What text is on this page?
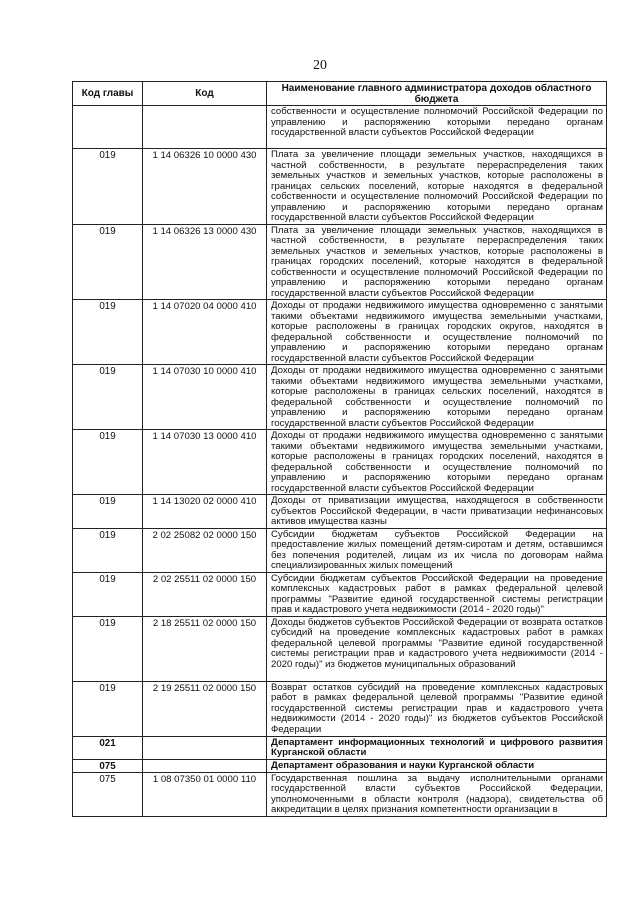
20
Код главы	Код	Наименование главного администратора доходов областного бюджета
		собственности и осуществление полномочий Российской Федерации по управлению и распоряжению которыми передано органам государственной власти субъектов Российской Федерации
019	1 14 06326 10 0000 430	Плата за увеличение площади земельных участков, находящихся в частной собственности, в результате перераспределения таких земельных участков и земельных участков, которые расположены в границах сельских поселений, которые находятся в федеральной собственности и осуществление полномочий Российской Федерации по управлению и распоряжению которыми передано органам государственной власти субъектов Российской Федерации
019	1 14 06326 13 0000 430	Плата за увеличение площади земельных участков, находящихся в частной собственности, в результате перераспределения таких земельных участков и земельных участков, которые расположены в границах городских поселений, которые находятся в федеральной собственности и осуществление полномочий Российской Федерации по управлению и распоряжению которыми передано органам государственной власти субъектов Российской Федерации
019	1 14 07020 04 0000 410	Доходы от продажи недвижимого имущества одновременно с занятыми такими объектами недвижимого имущества земельными участками, которые расположены в границах городских округов, находятся в федеральной собственности и осуществление полномочий по управлению и распоряжению которыми передано органам государственной власти субъектов Российской Федерации
019	1 14 07030 10 0000 410	Доходы от продажи недвижимого имущества одновременно с занятыми такими объектами недвижимого имущества земельными участками, которые расположены в границах сельских поселений, находятся в федеральной собственности и осуществление полномочий по управлению и распоряжению которыми передано органам государственной власти субъектов Российской Федерации
019	1 14 07030 13 0000 410	Доходы от продажи недвижимого имущества одновременно с занятыми такими объектами недвижимого имущества земельными участками, которые расположены в границах городских поселений, находятся в федеральной собственности и осуществление полномочий по управлению и распоряжению которыми передано органам государственной власти субъектов Российской Федерации
019	1 14 13020 02 0000 410	Доходы от приватизации имущества, находящегося в собственности субъектов Российской Федерации, в части приватизации нефинансовых активов имущества казны
019	2 02 25082 02 0000 150	Субсидии бюджетам субъектов Российской Федерации на предоставление жилых помещений детям-сиротам и детям, оставшимся без попечения родителей, лицам из их числа по договорам найма специализированных жилых помещений
019	2 02 25511 02 0000 150	Субсидии бюджетам субъектов Российской Федерации на проведение комплексных кадастровых работ в рамках федеральной целевой программы "Развитие единой государственной системы регистрации прав и кадастрового учета недвижимости (2014 - 2020 годы)"
019	2 18 25511 02 0000 150	Доходы бюджетов субъектов Российской Федерации от возврата остатков субсидий на проведение комплексных кадастровых работ в рамках федеральной целевой программы "Развитие единой государственной системы регистрации прав и кадастрового учета недвижимости (2014 - 2020 годы)" из бюджетов муниципальных образований
019	2 19 25511 02 0000 150	Возврат остатков субсидий на проведение комплексных кадастровых работ в рамках федеральной целевой программы "Развитие единой государственной системы регистрации прав и кадастрового учета недвижимости (2014 - 2020 годы)" из бюджетов субъектов Российской Федерации
021		Департамент информационных технологий и цифрового развития Курганской области
075		Департамент образования и науки Курганской области
075	1 08 07350 01 0000 110	Государственная пошлина за выдачу исполнительными органами государственной власти субъектов Российской Федерации, уполномоченными в области контроля (надзора), свидетельства об аккредитации в целях признания компетентности организации в
